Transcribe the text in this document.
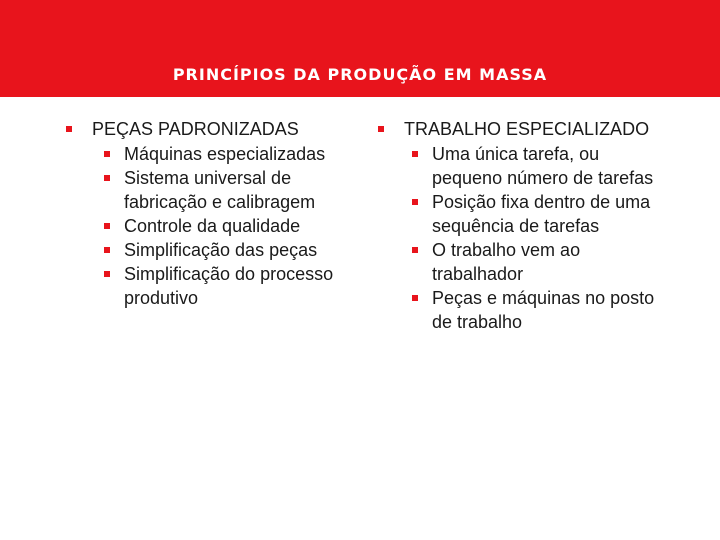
PRINCÍPIOS DA PRODUÇÃO EM MASSA
PEÇAS PADRONIZADAS
Máquinas especializadas
Sistema universal de fabricação e calibragem
Controle da qualidade
Simplificação das peças
Simplificação do processo produtivo
TRABALHO ESPECIALIZADO
Uma única tarefa, ou pequeno número de tarefas
Posição fixa dentro de uma sequência de tarefas
O trabalho vem ao trabalhador
Peças e máquinas no posto de trabalho
